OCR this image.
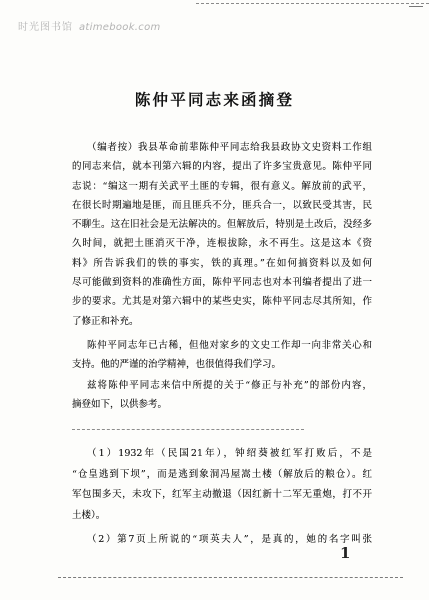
时光图书馆 atimebook.com
陈仲平同志来函摘登
（编者按）我县革命前辈陈仲平同志给我县政协文史资料工作组
的同志来信，就本刊第六辑的内容，提出了许多宝贵意见。陈仲平同
志说：“编这一期有关武平土匪的专辑，很有意义。解放前的武平，
在很长时期遍地是匪，而且匪兵不分，匪兵合一，以致民受其害，民
不聊生。这在旧社会是无法解决的。但解放后，特别是土改后，没经多
久时间，就把土匪消灭干净，连根拔除，永不再生。这是这本《资
料》所告诉我们的铁的事实，铁的真理。”在如何搞资料以及如何
尽可能做到资料的准确性方面，陈仲平同志也对本刊编者提出了进一
步的要求。尤其是对第六辑中的某些史实，陈仲平同志尽其所知，作
了修正和补充。
陈仲平同志年已古稀，但他对家乡的文史工作却一向非常关心和
支持。他的严谨的治学精神，也很值得我们学习。
兹将陈仲平同志来信中所提的关于“修正与补充”的部份内容，
摘登如下，以供参考。
（1）1932年（民国21年），钟绍葵被红军打败后，不是
“仓皇逃到下坝”，而是逃到象洞冯屋嵩土楼（解放后的粮仓）。红
军包围多天，未攻下，红军主动撤退（因红新十二军无重炮，打不开
土楼）。
（2）第7页上所说的“项英夫人”，是真的，她的名字叫张
1
